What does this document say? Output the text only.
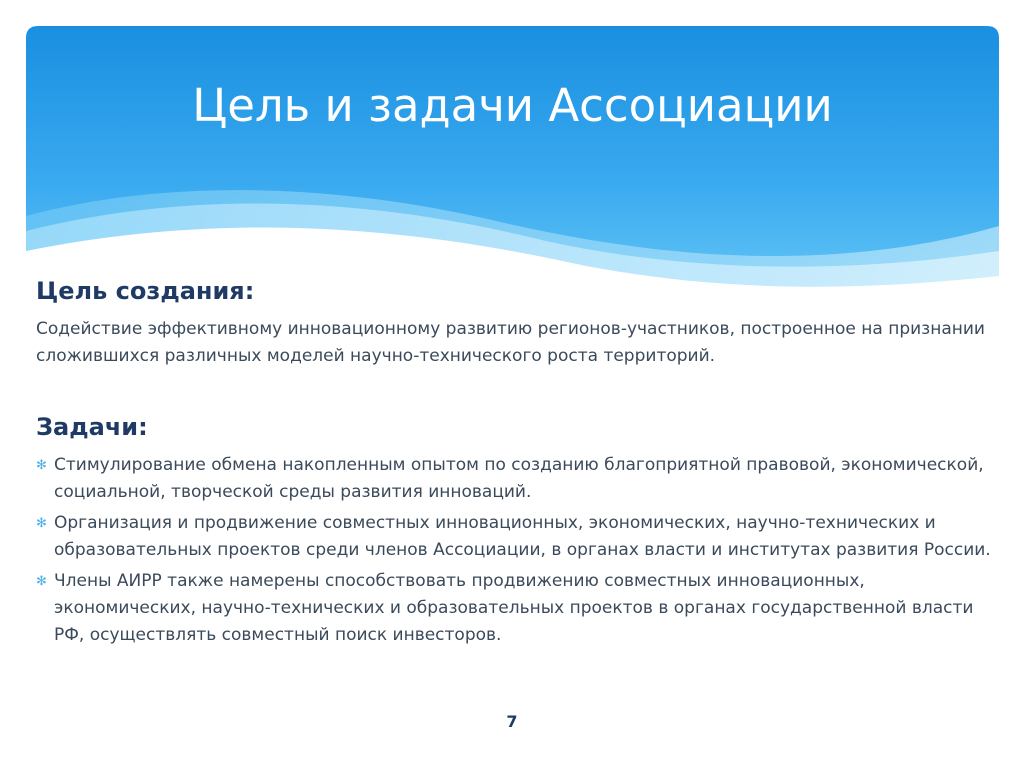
Цель и задачи Ассоциации
Цель создания:

Содействие эффективному инновационному развитию регионов-участников, построенное на признании сложившихся различных моделей научно-технического роста территорий.

Задачи:
✻ Стимулирование обмена накопленным опытом по созданию благоприятной правовой, экономической, социальной, творческой среды развития инноваций.
✻ Организация и продвижение совместных инновационных, экономических, научно-технических и образовательных проектов среди членов Ассоциации, в органах власти и институтах развития России.
✻ Члены АИРР также намерены способствовать продвижению совместных инновационных, экономических, научно-технических и образовательных проектов в органах государственной власти РФ, осуществлять совместный поиск инвесторов.
7
